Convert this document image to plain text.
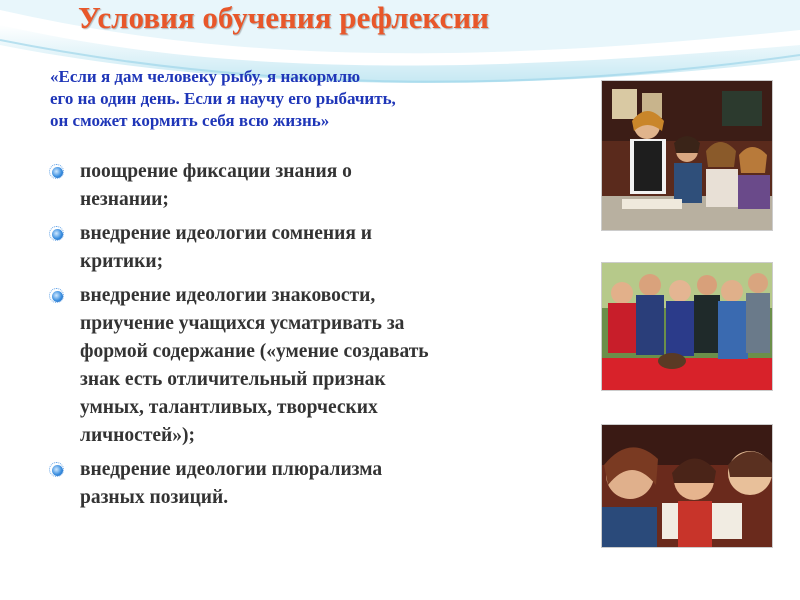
Условия обучения рефлексии
«Если я дам человеку рыбу, я накормлю
его на один день. Если я научу его рыбачить,
он сможет кормить себя всю жизнь»
поощрение фиксации знания о
незнании;
внедрение идеологии сомнения и
критики;
внедрение идеологии знаковости,
приучение учащихся усматривать за
формой содержание («умение создавать
знак есть отличительный признак
умных, талантливых, творческих
личностей»);
внедрение идеологии плюрализма
разных позиций.
